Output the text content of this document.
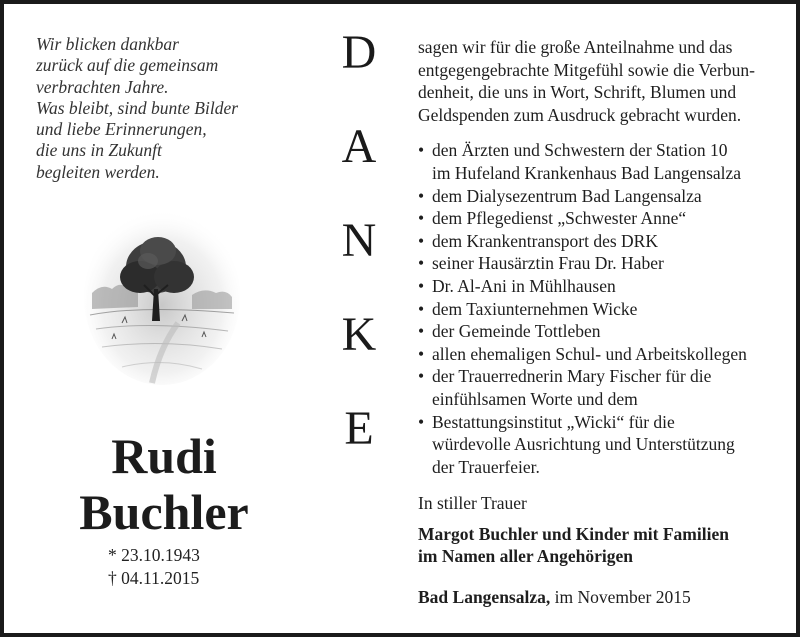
Wir blicken dankbar
zurück auf die gemeinsam
verbrachten Jahre.
Was bleibt, sind bunte Bilder
und liebe Erinnerungen,
die uns in Zukunft
begleiten werden.
Rudi
Buchler
* 23.10.1943
† 04.11.2015
D
A
N
K
E
sagen wir für die große Anteilnahme und das
entgegengebrachte Mitgefühl sowie die Verbun-
denheit, die uns in Wort, Schrift, Blumen und
Geldspenden zum Ausdruck gebracht wurden.
• den Ärzten und Schwestern der Station 10
im Hufeland Krankenhaus Bad Langensalza
• dem Dialysezentrum Bad Langensalza
• dem Pflegedienst „Schwester Anne“
• dem Krankentransport des DRK
• seiner Hausärztin Frau Dr. Haber
• Dr. Al-Ani in Mühlhausen
• dem Taxiunternehmen Wicke
• der Gemeinde Tottleben
• allen ehemaligen Schul- und Arbeitskollegen
• der Trauerrednerin Mary Fischer für die
einfühlsamen Worte und dem
• Bestattungsinstitut „Wicki“ für die
würdevolle Ausrichtung und Unterstützung
der Trauerfeier.
In stiller Trauer
Margot Buchler und Kinder mit Familien
im Namen aller Angehörigen
Bad Langensalza, im November 2015
